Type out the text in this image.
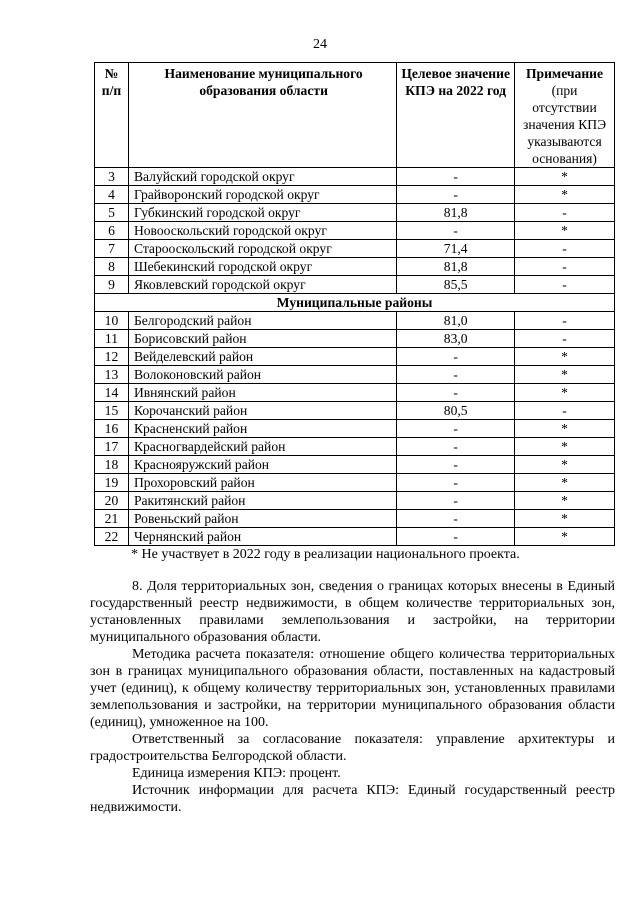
24
№ п/п	Наименование муниципального образования области	Целевое значение КПЭ на 2022 год	Примечание
(при отсутствии значения КПЭ указываются основания)
3	Валуйский городской округ	-	*
4	Грайворонский городской округ	-	*
5	Губкинский городской округ	81,8	-
6	Новооскольский городской округ	-	*
7	Старооскольский городской округ	71,4	-
8	Шебекинский городской округ	81,8	-
9	Яковлевский городской округ	85,5	-
Муниципальные районы			
10	Белгородский район	81,0	-
11	Борисовский район	83,0	-
12	Вейделевский район	-	*
13	Волоконовский район	-	*
14	Ивнянский район	-	*
15	Корочанский район	80,5	-
16	Красненский район	-	*
17	Красногвардейский район	-	*
18	Краснояружский район	-	*
19	Прохоровский район	-	*
20	Ракитянский район	-	*
21	Ровеньский район	-	*
22	Чернянский район	-	*
* Не участвует в 2022 году в реализации национального проекта.

8. Доля территориальных зон, сведения о границах которых внесены в Единый государственный реестр недвижимости, в общем количестве территориальных зон, установленных правилами землепользования и застройки, на территории муниципального образования области.

Методика расчета показателя: отношение общего количества территориальных зон в границах муниципального образования области, поставленных на кадастровый учет (единиц), к общему количеству территориальных зон, установленных правилами землепользования и застройки, на территории муниципального образования области (единиц), умноженное на 100.

Ответственный за согласование показателя: управление архитектуры и градостроительства Белгородской области.

Единица измерения КПЭ: процент.

Источник информации для расчета КПЭ: Единый государственный реестр недвижимости.
